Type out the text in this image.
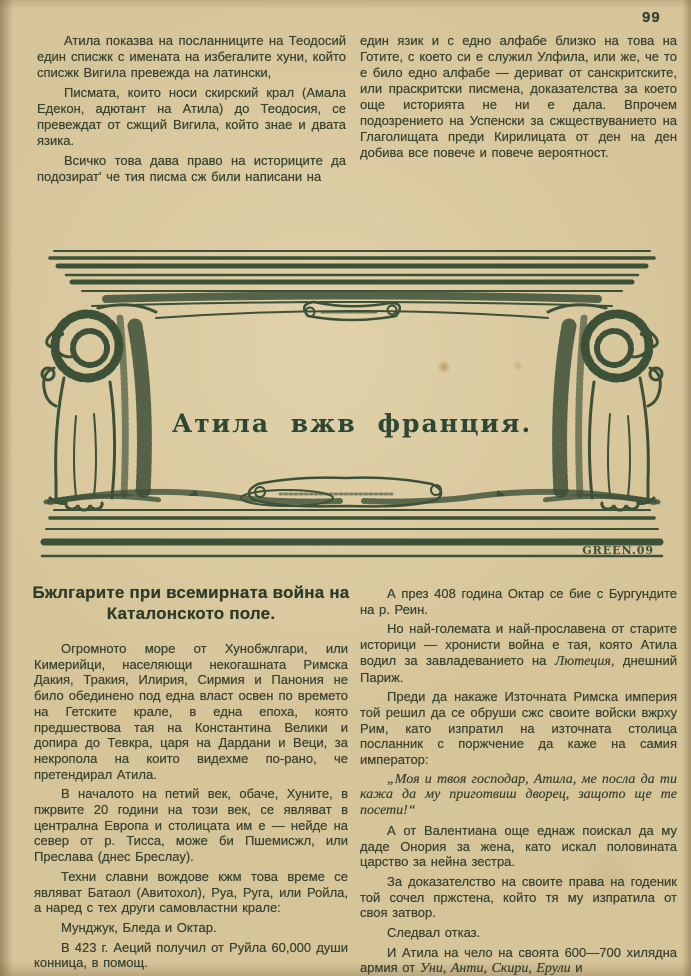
99
Атила показва на посланниците на Теодосий един списжк с имената на избегалите хуни, който списжк Вигила превежда на латински,
Писмата, които носи скирский крал (Амала Едекон, адютант на Атила) до Теодосия, се превеждат от сжщий Вигила, който знае и двата язика.
Всичко това дава право на историците да подозират' че тия писма сж били написани на
един язик и с едно алфабе близко на това на Готите, с което си е служил Улфила, или же, че то е било едно алфабе — дериват от санскритските, или праскритски писмена, доказателства за което още историята не ни е дала. Впрочем подозрението на Успенски за сжществуванието на Глаголищата преди Кирилицата от ден на ден добива все повече и повече вероятност.
Атила вжв франция.
GREEN.09
Бжлгарите при всемирната война на Каталонското поле.
Огромното море от Хунобжлгари, или Кимерийци, населяющи некогашната Римска Дакия, Тракия, Илирия, Сирмия и Панония не било обединено под една власт освен по времето на Гетските крале, в една епоха, която предшествова тая на Константина Велики и допира до Тевкра, царя на Дардани и Веци, за некропола на които видехме по-рано, че претендирал Атила.
В началото на петий век, обаче, Хуните, в пжрвите 20 години на този век, се являват в централна Европа и столицата им е — нейде на север от р. Тисса, може би Пшемисжл, или Преслава (днес Бреслау).
Техни славни вождове кжм това време се являват Батаол (Авитохол), Руа, Руга, или Ройла, а наред с тех други самовластни крале:
Мунджук, Бледа и Октар.
В 423 г. Аеций получил от Руйла 60,000 души конница, в помощ.
А през 408 година Октар се бие с Бургундите на р. Реин.
Но най-големата и най-прославена от старите историци — хронисти война е тая, която Атила водил за завладеванието на Лютеция, днешний Париж.
Преди да накаже Източната Римска империя той решил да се обруши сжс своите войски вжрху Рим, като изпратил на източната столица посланник с поржчение да каже на самия император:
„Моя и твоя господар, Атила, ме посла да ти кажа да му приготвиш дворец, защото ще те посети!“
А от Валентиана още еднаж поискал да му даде Онория за жена, като искал половината царство за нейна зестра.
За доказателство на своите права на годеник той сочел пржстена, който тя му изпратила от своя затвор.
Следвал отказ.
И Атила на чело на своята 600—700 хилядна армия от Уни, Анти, Скири, Ерули и
